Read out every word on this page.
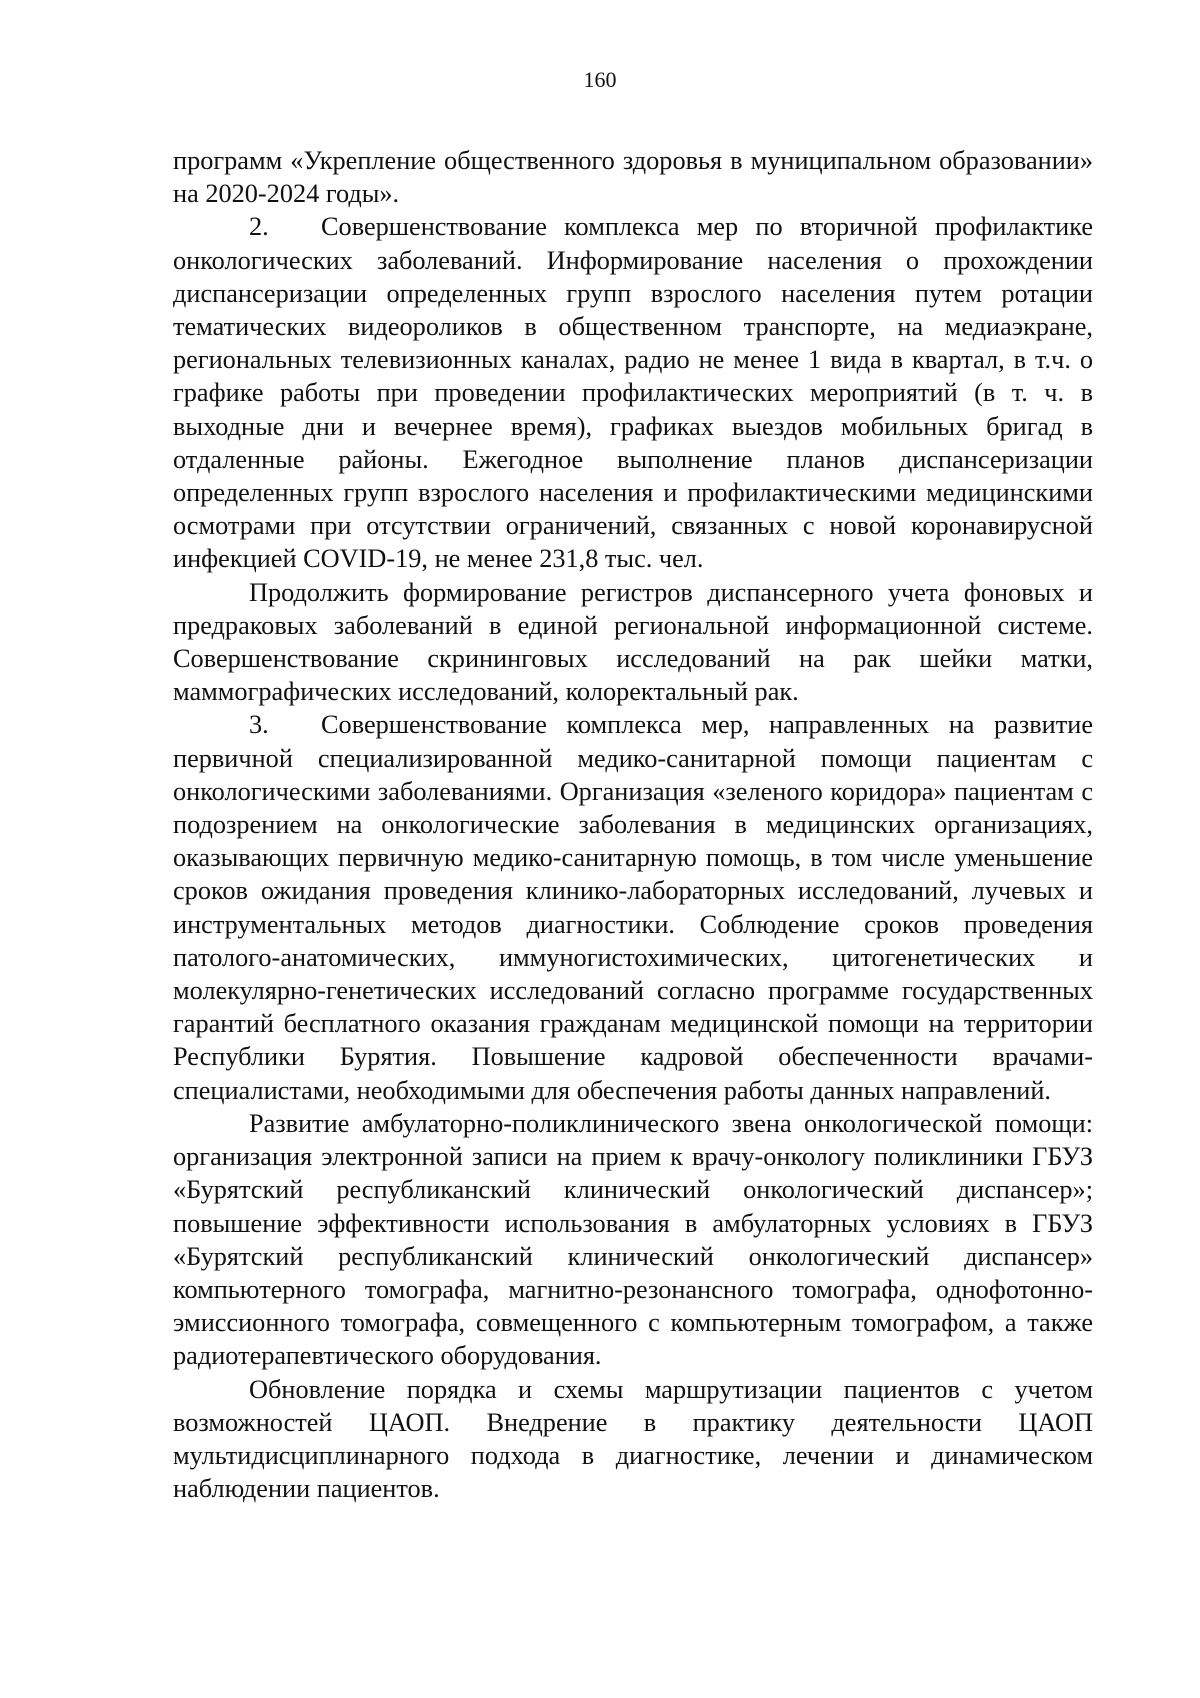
160

программ «Укрепление общественного здоровья в муниципальном образовании» на 2020-2024 годы».

2. Совершенствование комплекса мер по вторичной профилактике онкологических заболеваний. Информирование населения о прохождении диспансеризации определенных групп взрослого населения путем ротации тематических видеороликов в общественном транспорте, на медиаэкране, региональных телевизионных каналах, радио не менее 1 вида в квартал, в т.ч. о графике работы при проведении профилактических мероприятий (в т. ч. в выходные дни и вечернее время), графиках выездов мобильных бригад в отдаленные районы. Ежегодное выполнение планов диспансеризации определенных групп взрослого населения и профилактическими медицинскими осмотрами при отсутствии ограничений, связанных с новой коронавирусной инфекцией COVID-19, не менее 231,8 тыс. чел.

Продолжить формирование регистров диспансерного учета фоновых и предраковых заболеваний в единой региональной информационной системе. Совершенствование скрининговых исследований на рак шейки матки, маммографических исследований, колоректальный рак.

3. Совершенствование комплекса мер, направленных на развитие первичной специализированной медико-санитарной помощи пациентам с онкологическими заболеваниями. Организация «зеленого коридора» пациентам с подозрением на онкологические заболевания в медицинских организациях, оказывающих первичную медико-санитарную помощь, в том числе уменьшение сроков ожидания проведения клинико-лабораторных исследований, лучевых и инструментальных методов диагностики. Соблюдение сроков проведения патолого-анатомических, иммуногистохимических, цитогенетических и молекулярно-генетических исследований согласно программе государственных гарантий бесплатного оказания гражданам медицинской помощи на территории Республики Бурятия. Повышение кадровой обеспеченности врачами-специалистами, необходимыми для обеспечения работы данных направлений.

Развитие амбулаторно-поликлинического звена онкологической помощи: организация электронной записи на прием к врачу-онкологу поликлиники ГБУЗ «Бурятский республиканский клинический онкологический диспансер»; повышение эффективности использования в амбулаторных условиях в ГБУЗ «Бурятский республиканский клинический онкологический диспансер» компьютерного томографа, магнитно-резонансного томографа, однофотонно-эмиссионного томографа, совмещенного с компьютерным томографом, а также радиотерапевтического оборудования.

Обновление порядка и схемы маршрутизации пациентов с учетом возможностей ЦАОП. Внедрение в практику деятельности ЦАОП мультидисциплинарного подхода в диагностике, лечении и динамическом наблюдении пациентов.
